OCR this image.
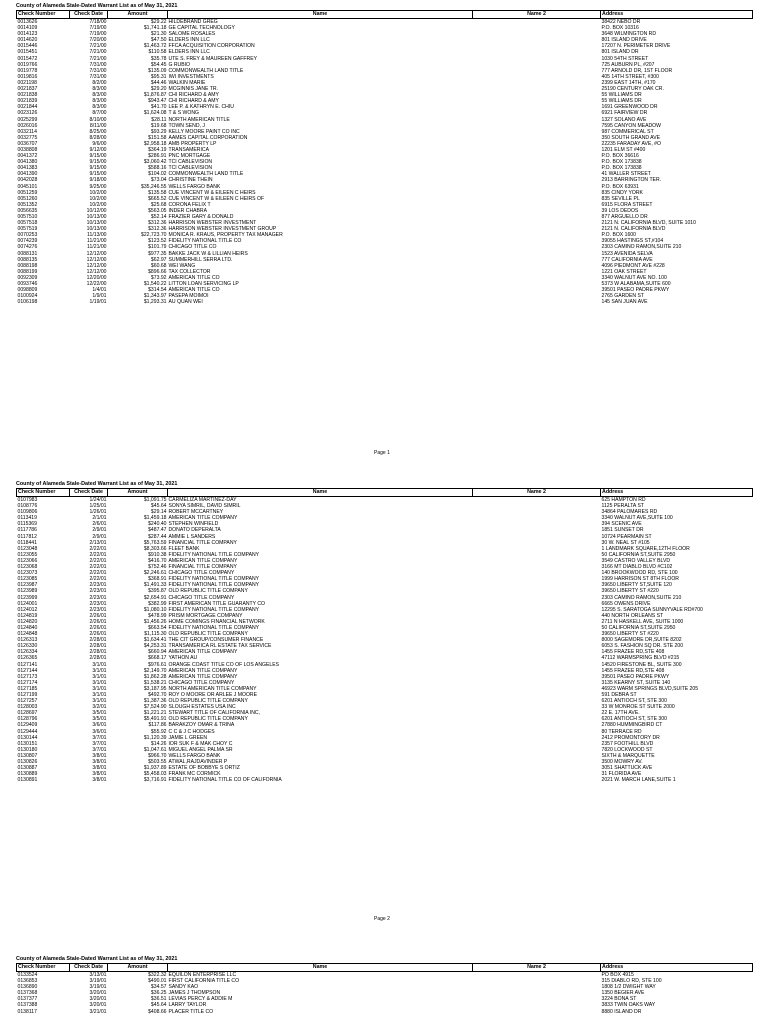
County of Alameda Stale-Dated Warrant List as of May 31, 2021
Check Number	Check Date	Amount	Name	Name 2	Address
0013626	7/18/00	$29.22	HILDEBRAND GREG		38422 NEBO DR
0014109	7/19/00	$1,741.18	GE CAPITAL TECHNOLOGY		P.O. BOX 10316
0014123	7/19/00	$21.30	SALOME ROSALES		3648 WILMINGTON RD
0014620	7/20/00	$47.50	ELDERS INN LLC		801 ISLAND DRIVE
0015446	7/21/00	$1,463.72	FFCA ACQUISITION CORPORATION		17207 N. PERIMETER DRIVE
0015451	7/21/00	$110.58	ELDERS INN LLC		801 ISLAND DR
0015472	7/21/00	$35.78	UTE S. FREY & MAUREEN GAFFREY		1030 54TH STREET
0019766	7/31/00	$54.45	G RUBIO		725 AUBURN PL, #207
0019778	7/31/00	$135.09	COMMONWEALTH LAND TITLE		777 ARNOLD DR, 1ST FLOOR
0019816	7/31/00	$95.31	IWI INVESTMENTS		405 14TH STREET, #300
0021198	8/2/00	$44.46	WALKIN MARIE		2399 EAST 14TH, #170
0021837	8/3/00	$29.20	MCGINNIS JANE TR.		25190 CENTURY OAK CR.
0021838	8/3/00	$1,876.87	CHI RICHARD & AMY		55 WILLIAMS DR
0021839	8/3/00	$943.47	CHI RICHARD & AMY		55 WILLIAMS DR
0021844	8/3/00	$41.70	LEE P. & KATHRYN E. CHIU		1691 GREENWOOD DR
0023126	8/7/00	$1,624.08	T & S WONG		6921 FAIRVIEW DR
0025299	8/10/00	$28.11	NORTH AMERICAN TITLE		1327 SOLANO AVE
0026016	8/11/00	$19.68	TOWN SEND, J		7595 CANYON MEADOW
0032114	8/25/00	$93.29	KELLY MOORE PAINT CO INC		987 COMMERICAL ST
0032775	8/28/00	$151.58	AAMES CAPITAL CORPORATION		350 SOUTH GRAND AVE
0036707	9/6/00	$2,958.18	AMB PROPERTY LP		22235 FARADAY AVE, #O
0038808	9/12/00	$364.19	TRANSAMERICA		1201 ELM ST #400
0041372	9/15/00	$286.91	PNC MORTGAGE		P.O. BOX 36616
0041380	9/15/00	$3,060.42	TCI CABLEVISION		P.O. BOX 173838
0041383	9/15/00	$588.16	TCI CABLEVISION		P.O. BOX 173838
0041390	9/15/00	$104.02	COMMONWEALTH LAND TITLE		41 WALLER STREET
0042028	9/18/00	$73.04	CHRISTINE THEIN		2913 BARRINGTON TER.
0045101	9/25/00	$35,246.55	WELLS FARGO BANK		P.O. BOX 63931
0051259	10/2/00	$135.58	CUE VINCENT W & EILEEN C HEIRS		835 CINDY YORK
0051260	10/2/00	$665.52	CUE VINCENT W & EILEEN C HEIRS OF		835 SEVILLE PL
0051352	10/2/00	$25.68	CORONA FELIX T		6915 FLORA STREET
0056635	10/12/00	$563.05	INDER CHABRA		39 LOS DEDOS
0057510	10/13/00	$52.14	FRAZIER GARY & DONALD		877 ARGUELLO DR
0057518	10/13/00	$312.36	HARRISON WEBSTER INVESTMENT		2121 N. CALIFORNIA BLVD, SUITE 1010
0057519	10/13/00	$312.36	HARRISON WEBSTER INVESTMENT GROUP		2121 N. CALIFORNIA BLVD
0070253	11/13/00	$22,723.70	MONICA R. KRAUS, PROPERTY TAX MANAGER		P.O. BOX 1600
0074239	11/21/00	$123.52	FIDELITY NATIONAL TITLE CO		39055 HASTINGS ST,#104
0074276	11/21/00	$101.79	CHICAGO TITLE CO		2303 CAMINO RAMON,SUITE 210
0088131	12/12/00	$977.35	BAKKE JACK W & LILLIAN HEIRS		1523 AVENIDA SELVA
0088135	12/12/00	$62.97	SUMMERHILL SERRA LTD.		777 CALIFORNIA AVE
0088198	12/12/00	$60.68	WEI WANG		4096 PIEDMONT AVE #228
0088199	12/12/00	$896.66	TAX COLLECTOR		1221 OAK STREET
0092309	12/20/00	$73.92	AMERICAN TITLE CO		3340 WALNUT AVE NO. 100
0093746	12/22/00	$1,540.22	LITTON LOAN SERVICING LP		5373 W ALABAMA,SUITE 600
0098809	1/4/01	$314.54	AMERICAN TITLE CO		39501 PASEO PADRE PKWY
0100924	1/9/01	$1,343.97	PASEPA MOIMOI		2765 GARDEN ST
0106198	1/19/01	$1,293.31	AU QUAN WEI		145 SAN JUAN AVE
Page 1
County of Alameda Stale-Dated Warrant List as of May 31, 2021
Check Number	Check Date	Amount	Name	Name 2	Address
0107983	1/24/01	$1,091.75	CARMELIZA MARTINEZ-DAY		625 HAMPTON RD
0108776	1/25/01	$45.64	SONYA SIMRIL, DAVID SIMRIL		1125 PERALTA ST
0109806	1/26/01	$29.14	ROBERT MCCARTNEY		34864 PALOMARES RD
0113419	2/1/01	$1,459.18	AMERICAN TITLE COMPANY		3340 WALNUT AVE,SUITE 100
0115369	2/6/01	$240.40	STEPHEN WINFIELD		394 SCENIC AVE
0117786	2/9/01	$487.47	DONATO DEPERALTA		1851 SUNSET DR
0117812	2/9/01	$287.44	AMMIE L SANDERS		10724 PEARMAIN ST
0118441	2/13/01	$5,763.59	FINANCIAL TITLE COMPANY		30 W. NEAL ST #105
0123048	2/22/01	$8,303.66	FLEET BANK		1 LANDMARK SQUARE,12TH FLOOR
0123055	2/22/01	$910.38	FIDELITY NATIONAL TITLE COMPANY		50 CALIFORNIA ST,SUITE 2950
0123066	2/22/01	$416.70	AMERICAN TITLE COMPANY		3549 CASTRO VALLEY BLVD
0123068	2/22/01	$752.46	FINANCIAL TITLE COMPANY		3166 MT DIABLO BLVD #C102
0123073	2/22/01	$2,246.61	CHICAGO TITLE COMPANY		140 BROOKWOOD RD, STE 100
0123085	2/22/01	$368.91	FIDELITY NATIONAL TITLE COMPANY		1999 HARRISON ST 8TH FLOOR
0123987	2/23/01	$1,491.33	FIDELITY NATIONAL TITLE COMPANY		39650 LIBERTY ST,SUITE 120
0123989	2/23/01	$395.87	OLD REPUBLIC TITLE COMPANY		39650 LIBERTY ST #220
0123999	2/23/01	$2,654.91	CHICAGO TITLE COMPANY		2303 CAMINO RAMON,SUITE 210
0124001	2/23/01	$382.99	FIRST AMERICAN TITLE GUARANTY CO		6665 OWENS DRIVE
0124012	2/23/01	$1,080.10	FIDELITY NATIONAL TITLE COMPANY		12295 S. SARATOGA SUNNYVALE RD#700
0124819	2/26/01	$478.99	PRISM MORTGAGE COMPANY		440 NORTH ORLEANS ST
0124820	2/26/01	$1,456.26	HOME COMINGS FINANCIAL NETWORK		2711 N HASKELL AVE, SUITE 1000
0124840	2/26/01	$663.54	FIDELITY NATIONAL TITLE COMPANY		50 CALIFORNIA ST,SUITE 2950
0124848	2/26/01	$1,115.30	OLD REPUBLIC TITLE COMPANY		39650 LIBERTY ST #220
0126313	2/28/01	$1,634.41	THE CIT GROUP/CONSUMER FINANCE		8000 SAGEMORE DR,SUITE 8202
0126330	2/28/01	$4,253.31	TRANSAMERICA RL ESTATE TAX SERVICE		6053 S. FASHION SQ DR. STE 200
0126334	2/28/01	$660.94	AMERICAN TITLE COMPANY		1455 FRAZEE RD,STE 408
0126365	2/28/01	$668.17	YATHON AU		47112 WARMSPRING BLVD #215
0127141	3/1/01	$976.61	ORANGE COAST TITLE CO OF LOS ANGELES		14520 FIRESTONE BL, SUITE 300
0127144	3/1/01	$2,149.70	AMERICAN TITLE COMPANY		1455 FRAZEE RD,STE 408
0127173	3/1/01	$1,862.28	AMERICAN TITLE COMPANY		39501 PASEO PADRE PKWY
0127174	3/1/01	$1,538.21	CHICAGO TITLE COMPANY		3135 KEARNY ST, SUITE 140
0127185	3/1/01	$3,187.95	NORTH AMERICAN TITLE COMPANY		46923 WARM SPRINGS BLVD,SUITE 205
0127199	3/1/01	$492.70	ROY O MOORE OR ARLEE J MOORE		591 DEBRA ST
0127257	3/1/01	$1,387.36	OLD REPUBLIC TITLE COMPANY		6201 ANTIOCH ST, STE 300
0128003	3/2/01	$7,524.90	SLOUGH ESTATES USA INC		33 W MONROE ST SUITE 2000
0128697	3/5/01	$1,221.21	STEWART TITLE OF CALIFORNIA INC,		22 E. 17TH AVE.
0128796	3/5/01	$5,491.91	OLD REPUBLIC TITLE COMPANY		6201 ANTIOCH ST, STE 300
0129409	3/6/01	$117.86	BARAKZOY OMAR & TRINA		27880 HUMMINGBIRD CT
0129444	3/6/01	$55.92	C C & J C HODGES		80 TERRACE RD
0130144	3/7/01	$1,120.39	JAMIE L GREEN		2412 PROMONTORY DR
0130151	3/7/01	$14.26	IOR SUK F & MAK CHOY C		2357 FOOTHILL BLVD
0130180	3/7/01	$1,047.61	MIGUEL ANGEL PALMA SR		7820 LOCKWOOD ST
0130807	3/8/01	$966.70	WELLS FARGO BANK		SIXTH & MARQUETTE
0130826	3/8/01	$503.55	ATWAL,RAJDAVINDER P		3500 MOWRY AV.
0130887	3/8/01	$1,937.89	ESTATE OF BOBBYE S ORTIZ		3051 SHATTUCK AVE
0130889	3/8/01	$5,458.03	FRANK MC CORMICK		31 FLORIDA AVE
0130891	3/8/01	$3,716.91	FIDELITY NATIONAL TITLE CO OF CALIFORNIA		2021 W. MARCH LANE,SUITE 1
Page 2
County of Alameda Stale-Dated Warrant List as of May 31, 2021
Check Number	Check Date	Amount	Name	Name 2	Address
0133524	3/13/01	$322.32	EQUILON ENTERPRISE LLC		PO BOX 4915
0136853	3/19/01	$490.01	FIRST CALIFORNIA TITLE CO		315 DIABLO RD, STE 100
0136890	3/19/01	$34.57	SANDY KAO		1808 1/2 DWIGHT WAY
0137368	3/20/01	$36.25	JAMES J THOMPSON		1350 BEGIER AVE
0137377	3/20/01	$36.51	LEVIAS PERCY & ADDIE M		3224 BONA ST
0137388	3/20/01	$45.64	LARRY TAYLOR		3833 TWIN OAKS WAY
0138117	3/21/01	$408.66	PLACER TITLE CO		8880 ISLAND DR
